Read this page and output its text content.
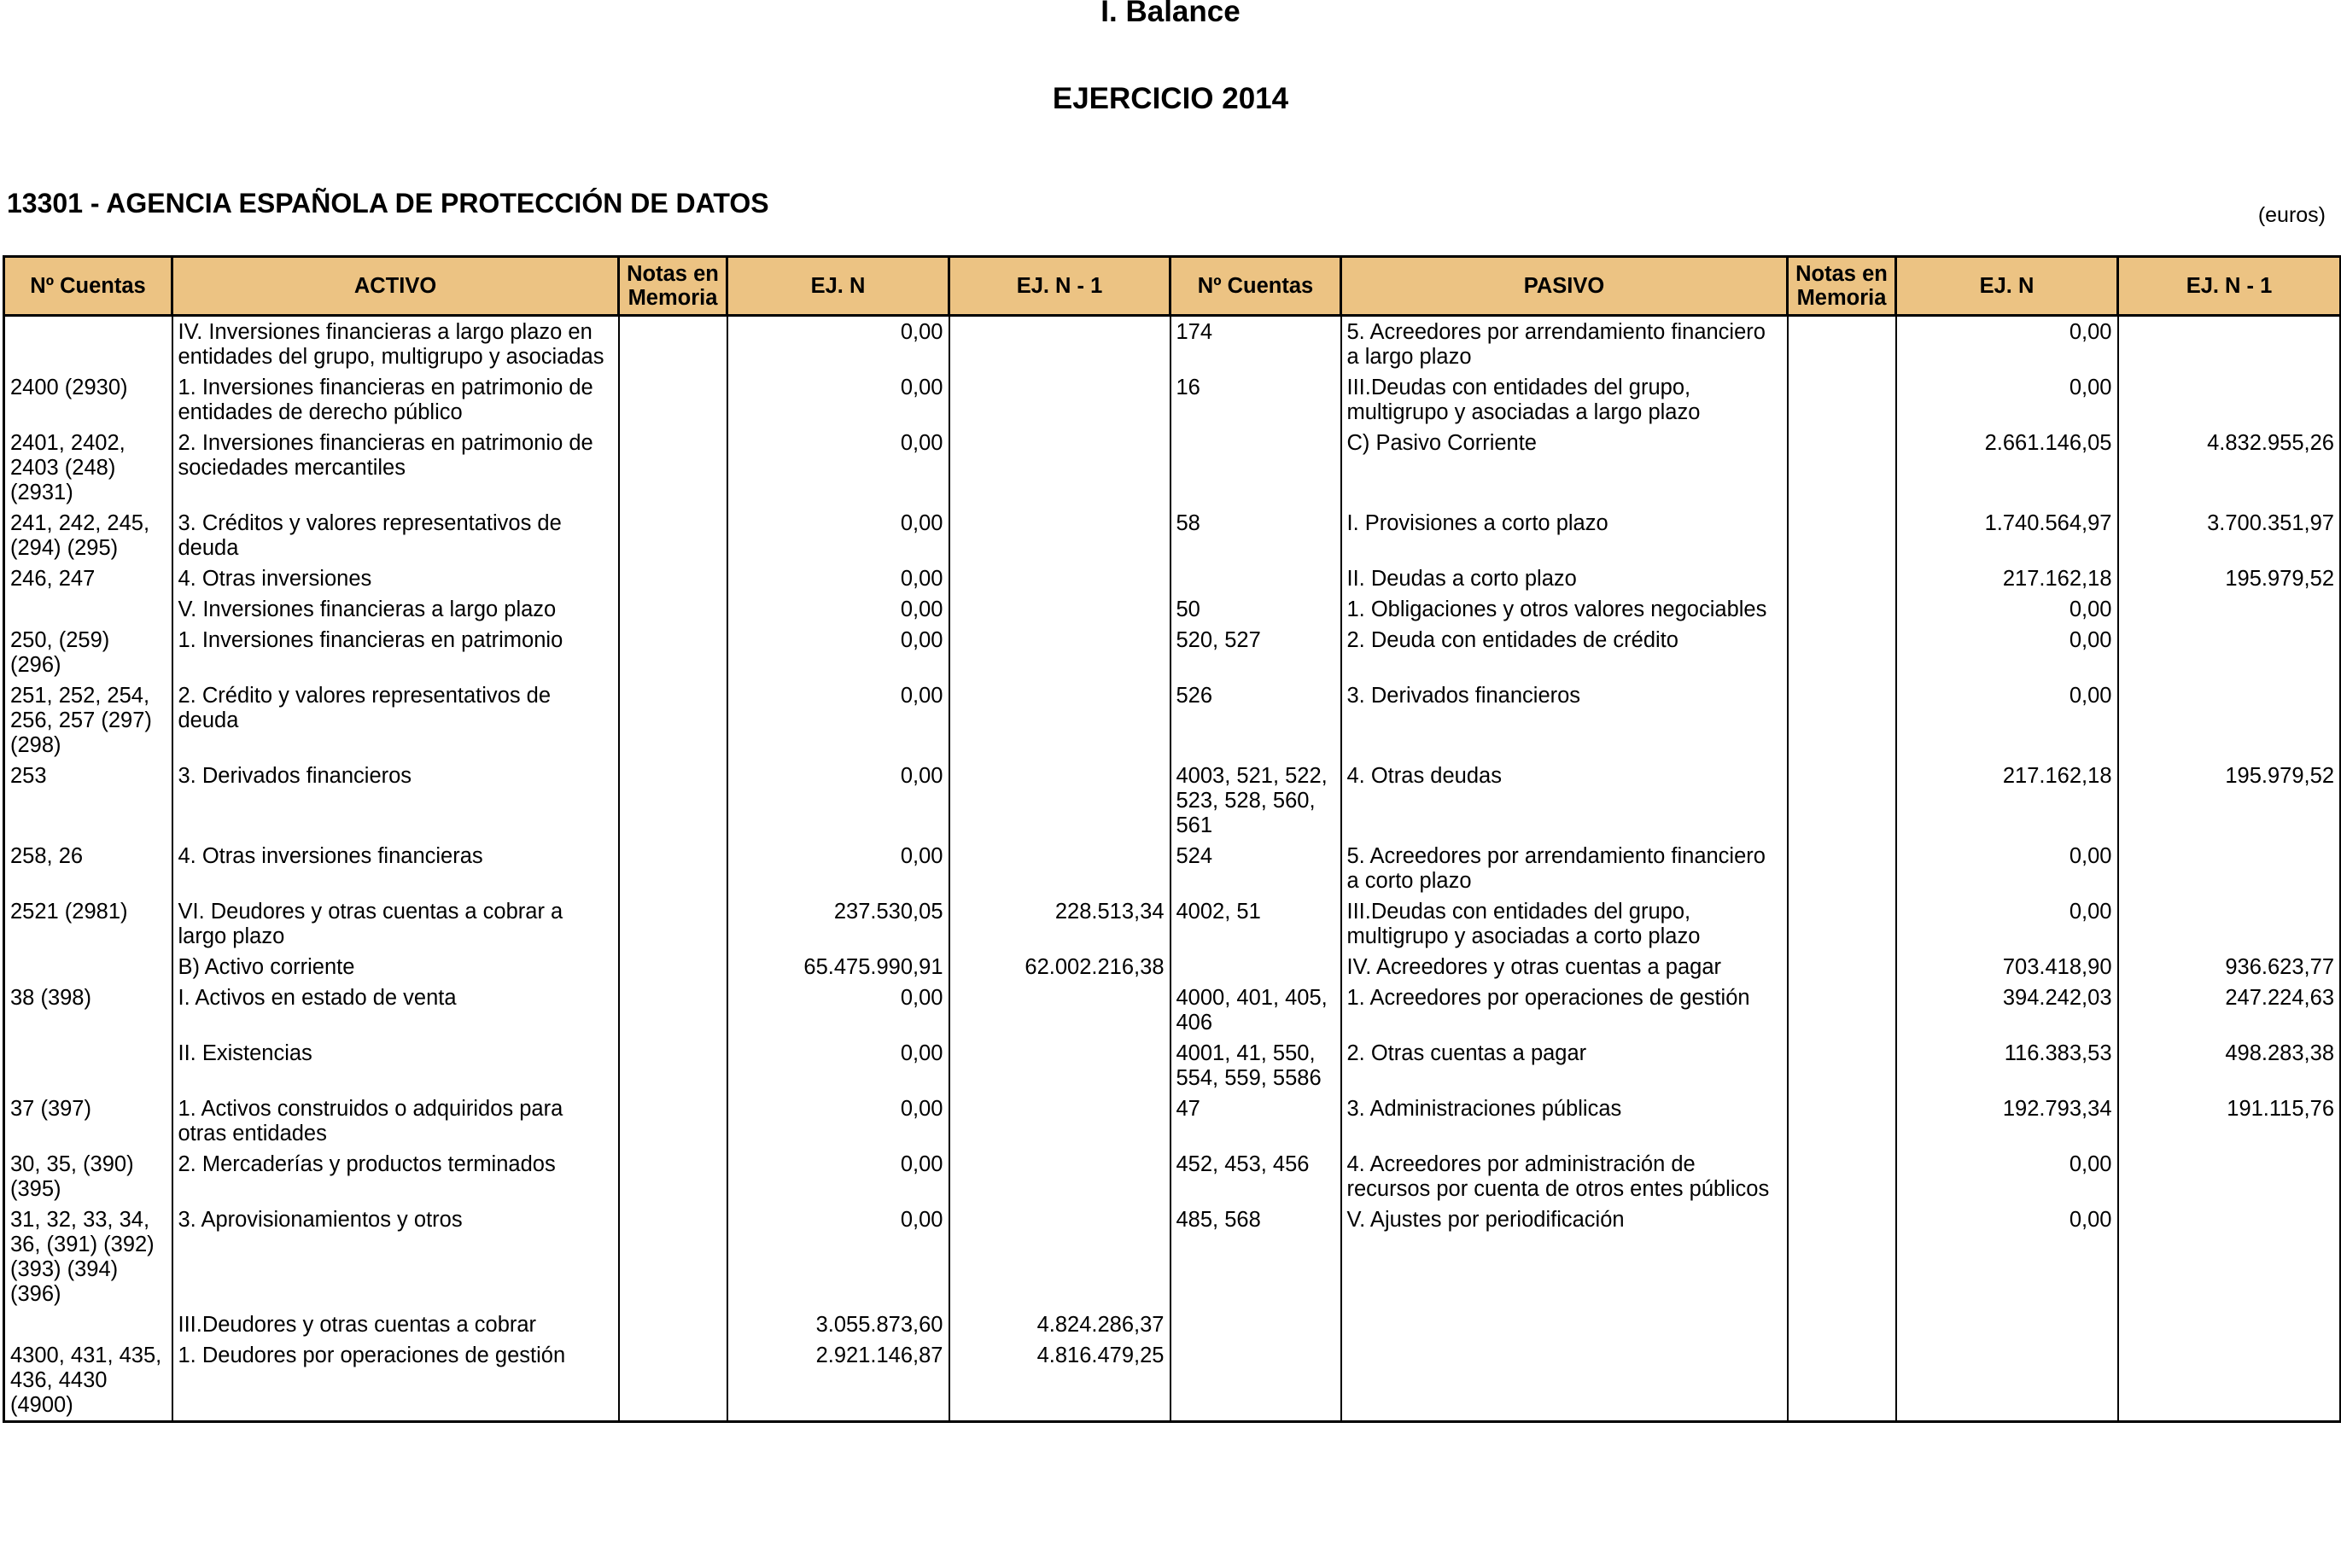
I. Balance
EJERCICIO 2014
13301 - AGENCIA ESPAÑOLA DE PROTECCIÓN DE DATOS	(euros)
Nº Cuentas	ACTIVO	Notas en Memoria	EJ. N	EJ. N - 1	Nº Cuentas	PASIVO	Notas en Memoria	EJ. N	EJ. N - 1
	IV. Inversiones financieras a largo plazo en entidades del grupo, multigrupo y asociadas		0,00		174	5. Acreedores por arrendamiento financiero a largo plazo		0,00	
2400 (2930)	1. Inversiones financieras en patrimonio de entidades de derecho público		0,00		16	III.Deudas con entidades del grupo, multigrupo y asociadas a largo plazo		0,00	
2401, 2402, 2403 (248) (2931)	2. Inversiones financieras en patrimonio de sociedades mercantiles		0,00			C) Pasivo Corriente		2.661.146,05	4.832.955,26
241, 242, 245, (294) (295)	3. Créditos y valores representativos de deuda		0,00		58	I. Provisiones a corto plazo		1.740.564,97	3.700.351,97
246, 247	4. Otras inversiones		0,00			II. Deudas a corto plazo		217.162,18	195.979,52
	V. Inversiones financieras a largo plazo		0,00		50	1. Obligaciones y otros valores negociables		0,00	
250, (259) (296)	1. Inversiones financieras en patrimonio		0,00		520, 527	2. Deuda con entidades de crédito		0,00	
251, 252, 254, 256, 257 (297) (298)	2. Crédito y valores representativos de deuda		0,00		526	3. Derivados financieros		0,00	
253	3. Derivados financieros		0,00		4003, 521, 522, 523, 528, 560, 561	4. Otras deudas		217.162,18	195.979,52
258, 26	4. Otras inversiones financieras		0,00		524	5. Acreedores por arrendamiento financiero a corto plazo		0,00	
2521 (2981)	VI. Deudores y otras cuentas a cobrar a largo plazo		237.530,05	228.513,34	4002, 51	III.Deudas con entidades del grupo, multigrupo y asociadas a corto plazo		0,00	
	B) Activo corriente		65.475.990,91	62.002.216,38		IV. Acreedores y otras cuentas a pagar		703.418,90	936.623,77
38 (398)	I. Activos en estado de venta		0,00		4000, 401, 405, 406	1. Acreedores por operaciones de gestión		394.242,03	247.224,63
	II. Existencias		0,00		4001, 41, 550, 554, 559, 5586	2. Otras cuentas a pagar		116.383,53	498.283,38
37 (397)	1. Activos construidos o adquiridos para otras entidades		0,00		47	3. Administraciones públicas		192.793,34	191.115,76
30, 35, (390) (395)	2. Mercaderías y productos terminados		0,00		452, 453, 456	4. Acreedores por administración de recursos por cuenta de otros entes públicos		0,00	
31, 32, 33, 34, 36, (391) (392) (393) (394) (396)	3. Aprovisionamientos y otros		0,00		485, 568	V. Ajustes por periodificación		0,00	
	III.Deudores y otras cuentas a cobrar		3.055.873,60	4.824.286,37					
4300, 431, 435, 436, 4430 (4900)	1. Deudores por operaciones de gestión		2.921.146,87	4.816.479,25					
